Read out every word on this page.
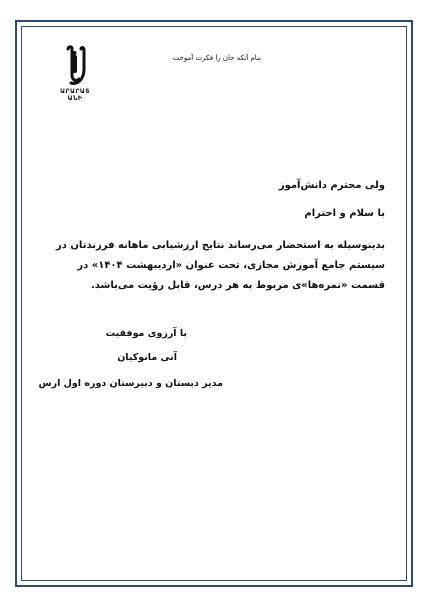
بنام آنکه جان را فکرت آموخت
ԱՐԱՐԱՏ
ԱՆԻ
ولی محترم دانش‌آموز
با سلام و احترام
بدینوسیله به استحضار می‌رساند نتایج ارزشیابی ماهانه فرزندتان در سیستم جامع آموزش مجازی، تحت عنوان «اردیبهشت ۱۴۰۴» در قسمت «نمره‌ها»ی مربوط به هر درس، قابل رؤیت می‌باشد.
با آرزوی موفقیت
آنی مانوکیان
مدیر دبستان و دبیرستان دوره اول ارس
